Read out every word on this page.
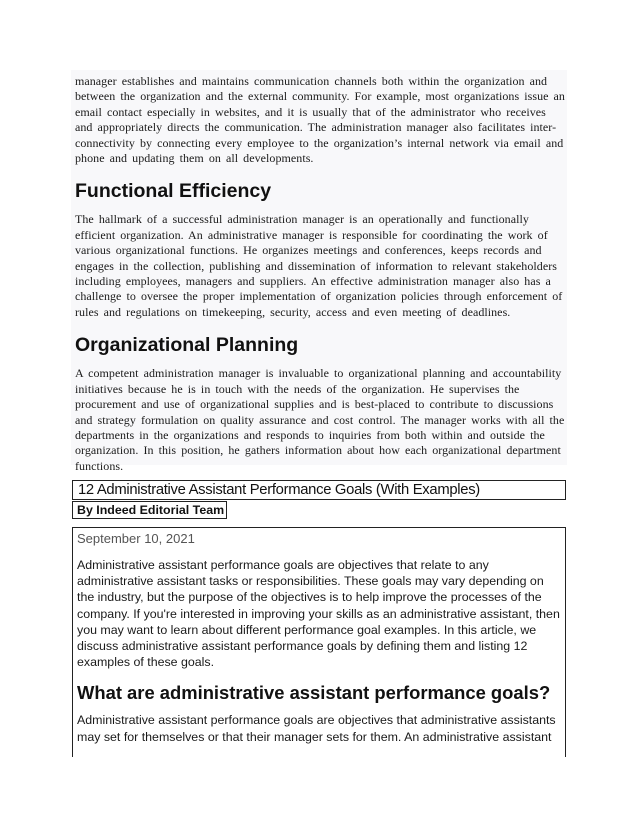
manager establishes and maintains communication channels both within the organization and between the organization and the external community. For example, most organizations issue an email contact especially in websites, and it is usually that of the administrator who receives and appropriately directs the communication. The administration manager also facilitates inter-connectivity by connecting every employee to the organization’s internal network via email and phone and updating them on all developments.

Functional Efficiency

The hallmark of a successful administration manager is an operationally and functionally efficient organization. An administrative manager is responsible for coordinating the work of various organizational functions. He organizes meetings and conferences, keeps records and engages in the collection, publishing and dissemination of information to relevant stakeholders including employees, managers and suppliers. An effective administration manager also has a challenge to oversee the proper implementation of organization policies through enforcement of rules and regulations on timekeeping, security, access and even meeting of deadlines.

Organizational Planning

A competent administration manager is invaluable to organizational planning and accountability initiatives because he is in touch with the needs of the organization. He supervises the procurement and use of organizational supplies and is best-placed to contribute to discussions and strategy formulation on quality assurance and cost control. The manager works with all the departments in the organizations and responds to inquiries from both within and outside the organization. In this position, he gathers information about how each organizational department functions.

12 Administrative Assistant Performance Goals (With Examples)
By Indeed Editorial Team
September 10, 2021

Administrative assistant performance goals are objectives that relate to any administrative assistant tasks or responsibilities. These goals may vary depending on the industry, but the purpose of the objectives is to help improve the processes of the company. If you're interested in improving your skills as an administrative assistant, then you may want to learn about different performance goal examples. In this article, we discuss administrative assistant performance goals by defining them and listing 12 examples of these goals.

What are administrative assistant performance goals?

Administrative assistant performance goals are objectives that administrative assistants may set for themselves or that their manager sets for them. An administrative assistant
